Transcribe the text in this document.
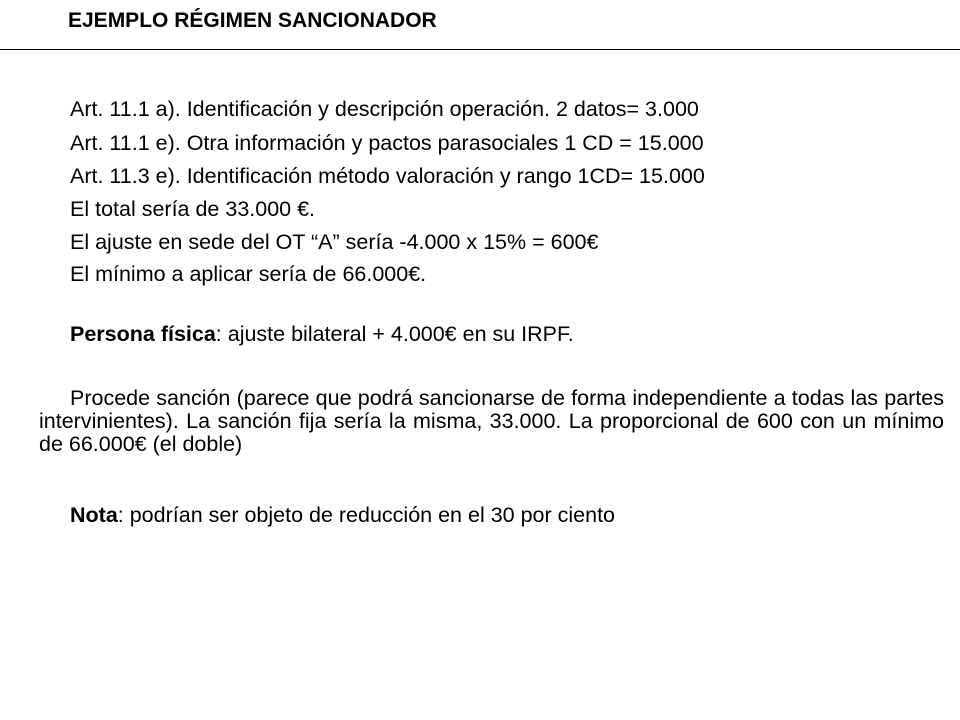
EJEMPLO RÉGIMEN SANCIONADOR
Art. 11.1 a). Identificación y descripción operación. 2 datos= 3.000
Art. 11.1 e). Otra información y pactos parasociales 1 CD = 15.000
Art. 11.3 e). Identificación método valoración y rango 1CD= 15.000
El total sería de 33.000 €.
El ajuste en sede del OT “A” sería -4.000 x 15% = 600€
El mínimo a aplicar sería de 66.000€.
Persona física: ajuste bilateral + 4.000€ en su IRPF.
Procede sanción (parece que podrá sancionarse de forma independiente a todas las partes intervinientes). La sanción fija sería la misma, 33.000. La proporcional de 600 con un mínimo de 66.000€ (el doble)
Nota: podrían ser objeto de reducción en el 30 por ciento
